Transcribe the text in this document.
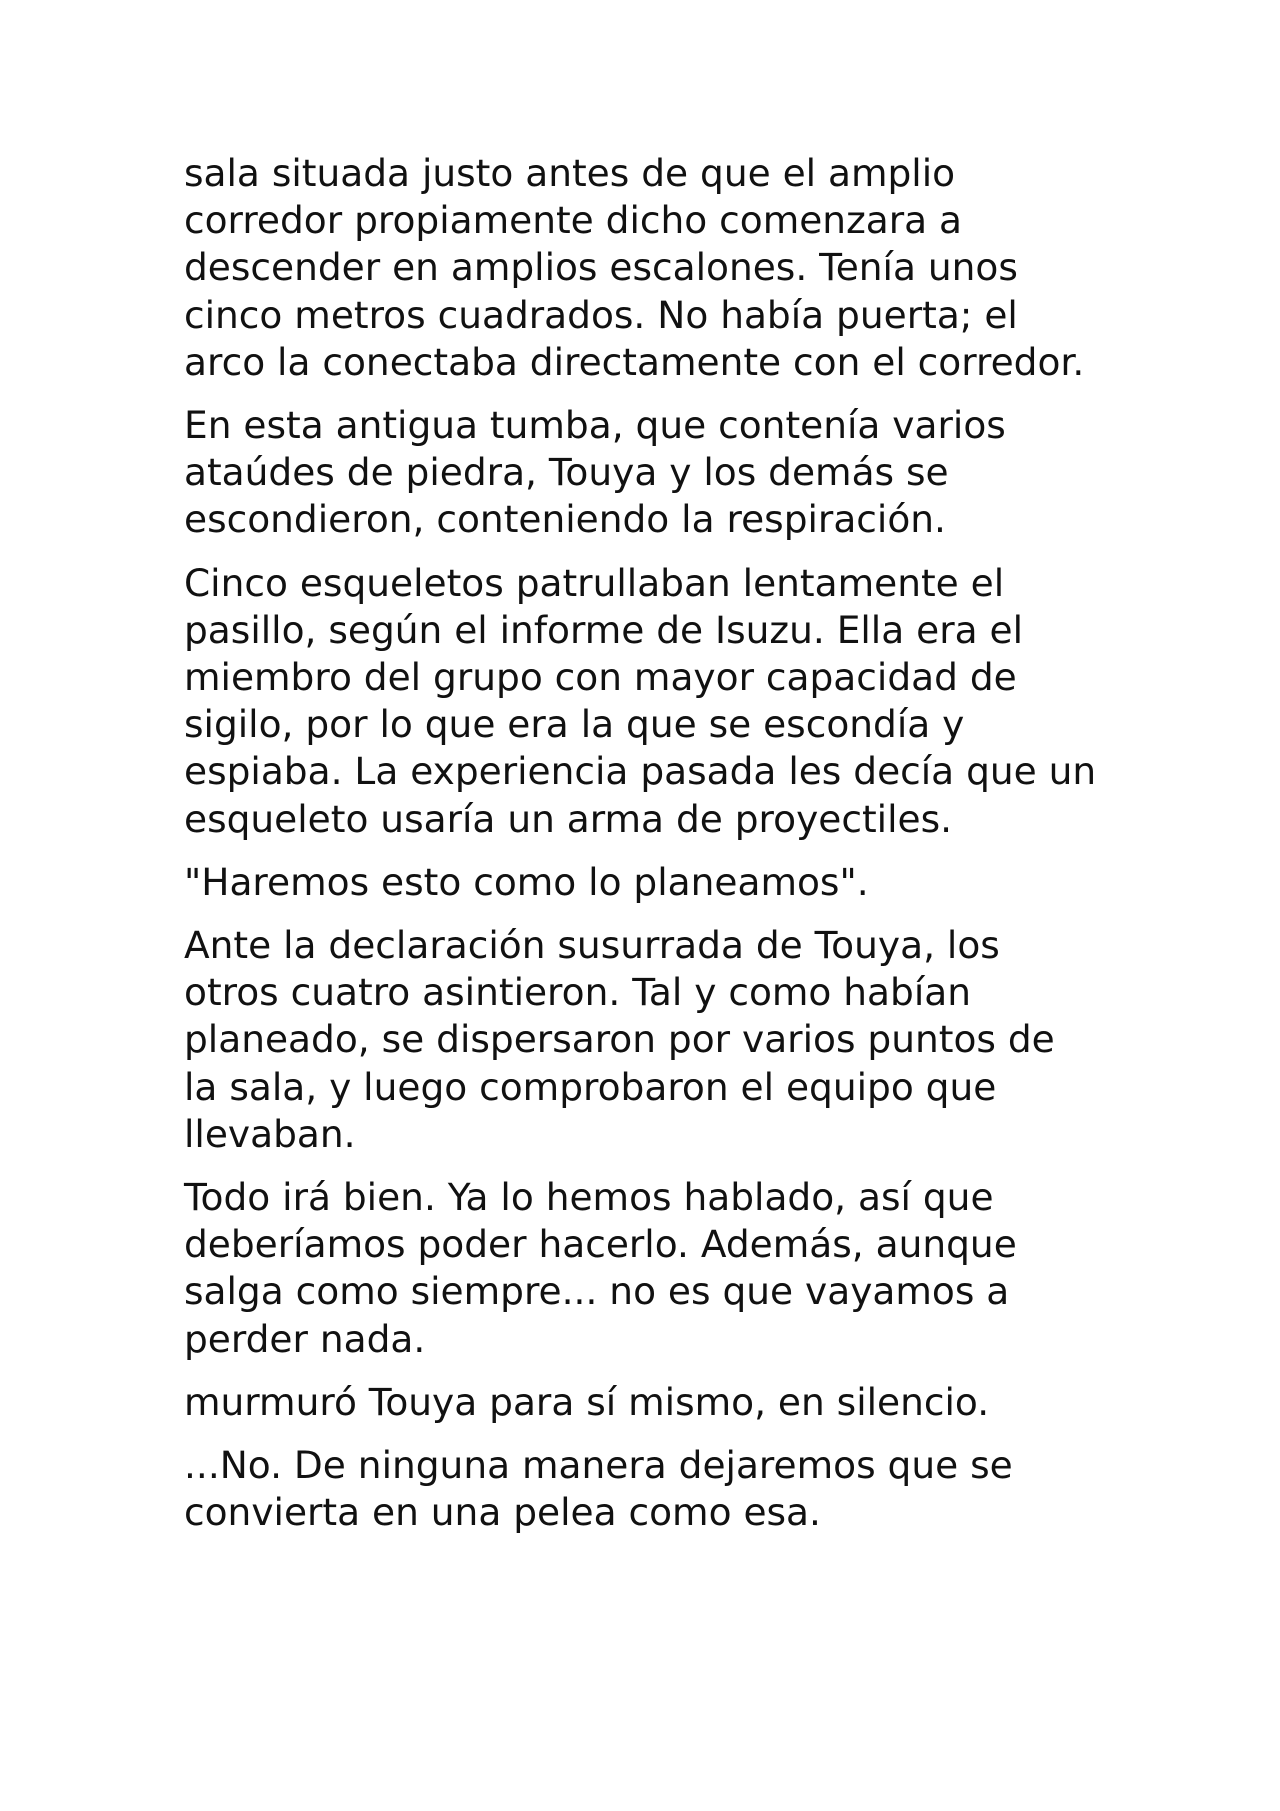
sala situada justo antes de que el amplio corredor propiamente dicho comenzara a descender en amplios escalones. Tenía unos cinco metros cuadrados. No había puerta; el arco la conectaba directamente con el corredor.

En esta antigua tumba, que contenía varios ataúdes de piedra, Touya y los demás se escondieron, conteniendo la respiración.

Cinco esqueletos patrullaban lentamente el pasillo, según el informe de Isuzu. Ella era el miembro del grupo con mayor capacidad de sigilo, por lo que era la que se escondía y espiaba. La experiencia pasada les decía que un esqueleto usaría un arma de proyectiles.

"Haremos esto como lo planeamos".

Ante la declaración susurrada de Touya, los otros cuatro asintieron. Tal y como habían planeado, se dispersaron por varios puntos de la sala, y luego comprobaron el equipo que llevaban.

Todo irá bien. Ya lo hemos hablado, así que deberíamos poder hacerlo. Además, aunque salga como siempre... no es que vayamos a perder nada.

murmuró Touya para sí mismo, en silencio.

...No. De ninguna manera dejaremos que se convierta en una pelea como esa.
